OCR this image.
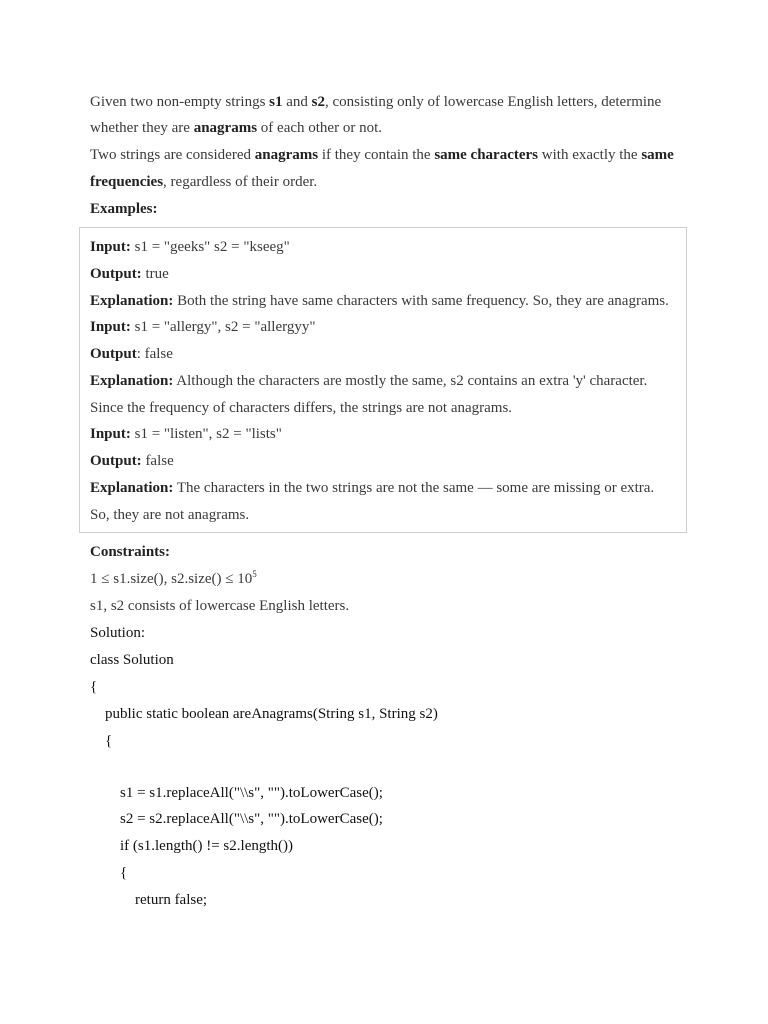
Given two non-empty strings s1 and s2, consisting only of lowercase English letters, determine
whether they are anagrams of each other or not.
Two strings are considered anagrams if they contain the same characters with exactly the same
frequencies, regardless of their order.
Examples:
Input: s1 = "geeks" s2 = "kseeg"
Output: true
Explanation: Both the string have same characters with same frequency. So, they are anagrams.
Input: s1 = "allergy", s2 = "allergyy"
Output: false
Explanation: Although the characters are mostly the same, s2 contains an extra 'y' character.
Since the frequency of characters differs, the strings are not anagrams.
Input: s1 = "listen", s2 = "lists"
Output: false
Explanation: The characters in the two strings are not the same — some are missing or extra.
So, they are not anagrams.
Constraints:
1 ≤ s1.size(), s2.size() ≤ $10^5$
s1, s2 consists of lowercase English letters.
Solution:
class Solution
{
public static boolean areAnagrams(String s1, String s2)
{
s1 = s1.replaceAll("\\s", "").toLowerCase();
s2 = s2.replaceAll("\\s", "").toLowerCase();
if (s1.length() != s2.length())
{
return false;
